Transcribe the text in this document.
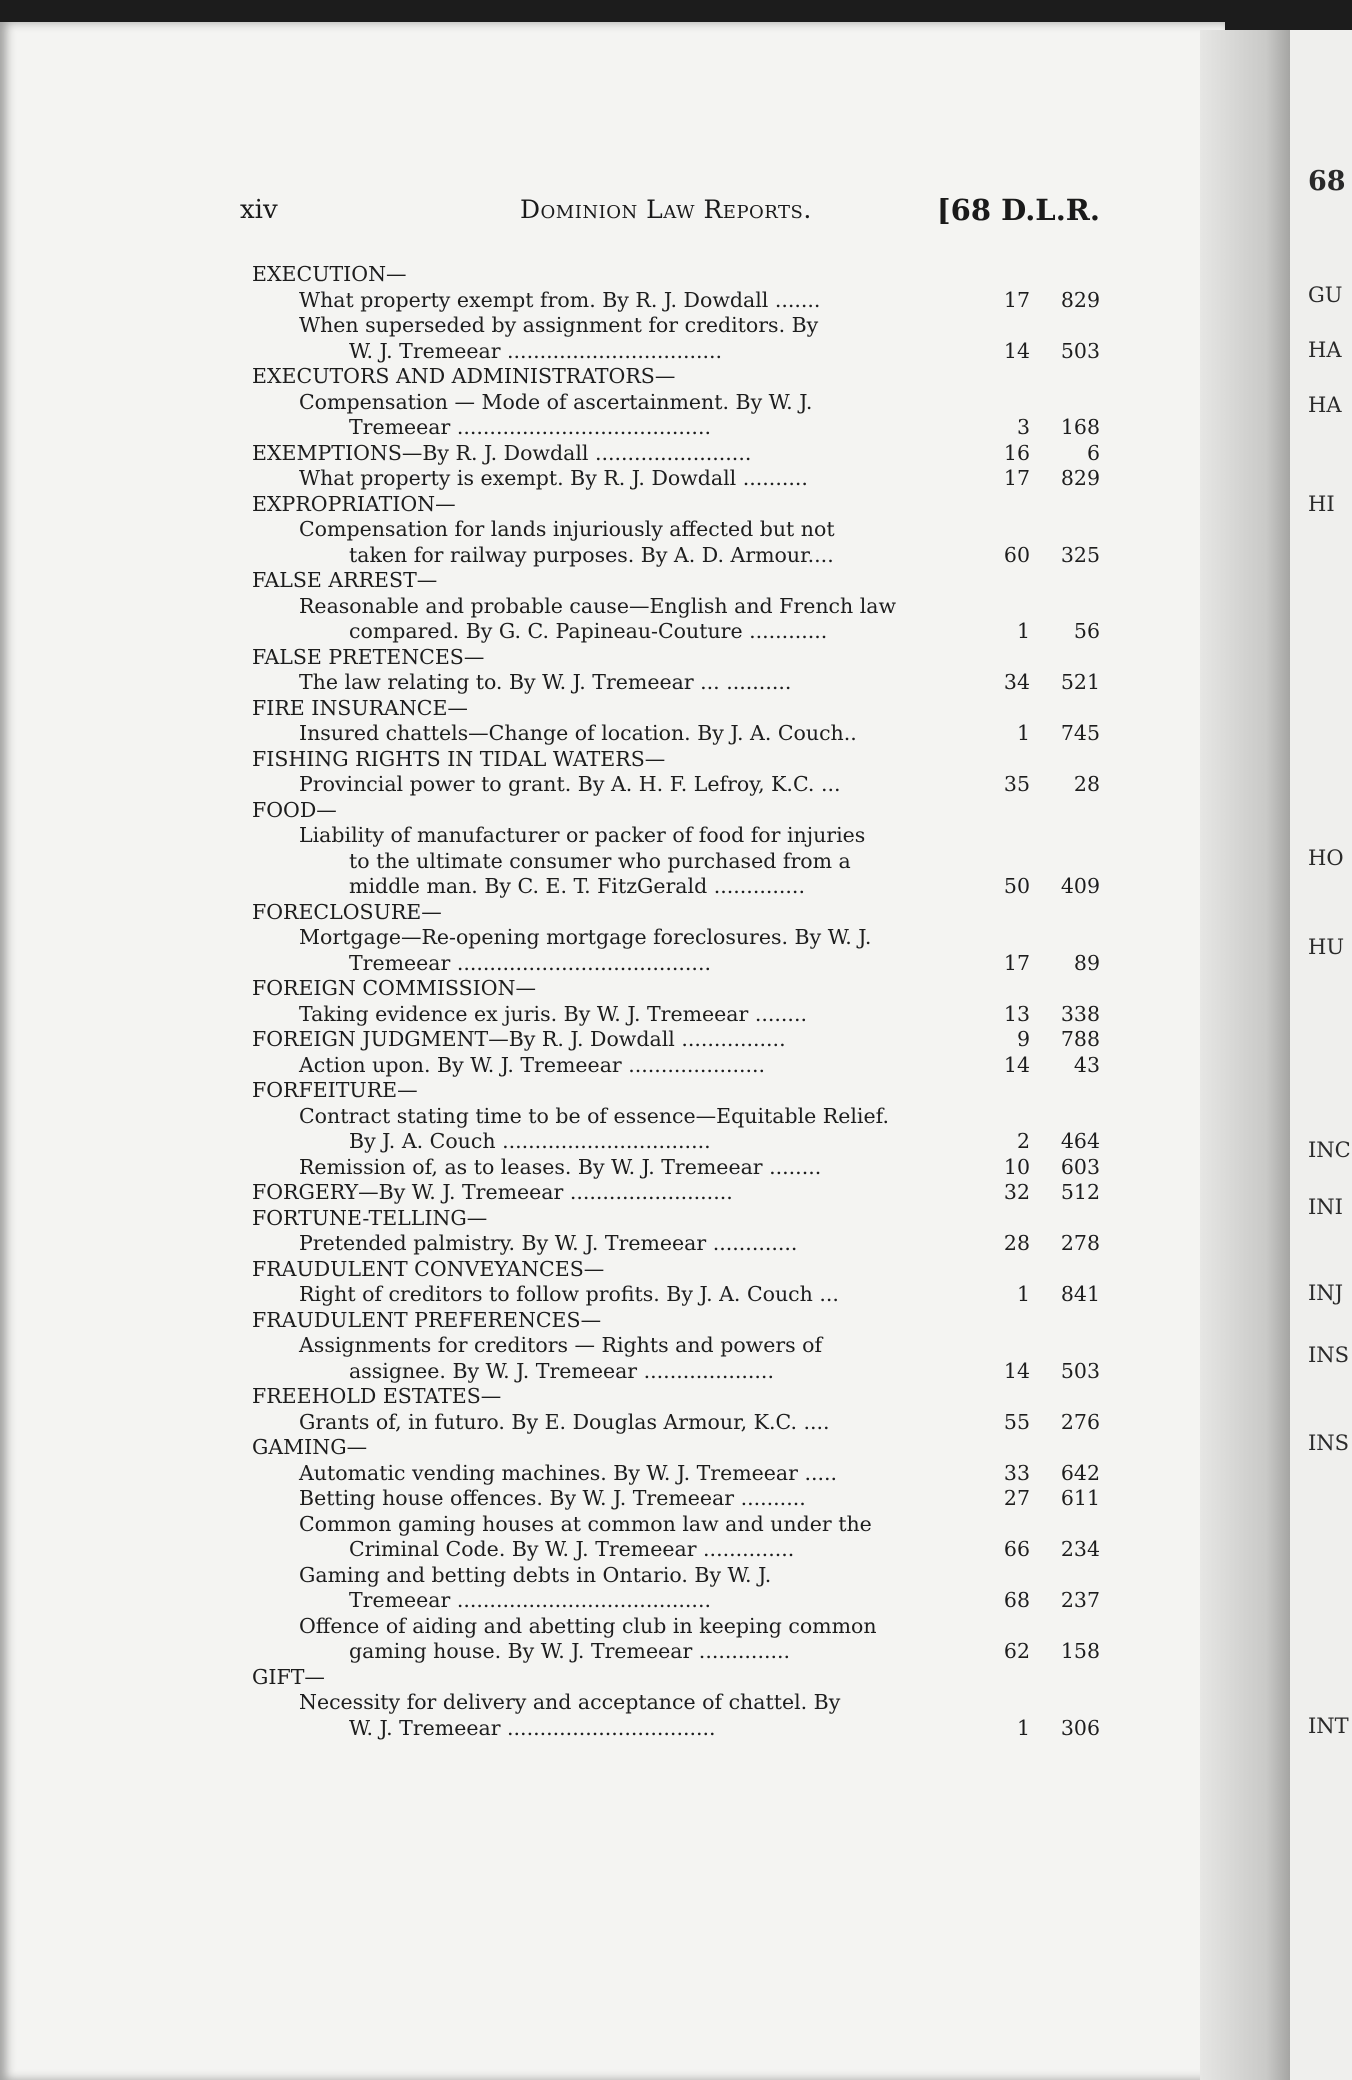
68
GU
HA
HA
HI
HO
HU
INC
INI
INJ
INS
INS
INT
xiv	Dominion Law Reports.	[68 D.L.R.
EXECUTION—
What property exempt from. By R. J. Dowdall .......	17 829
When superseded by assignment for creditors. By
W. J. Tremeear .................................	14 503
EXECUTORS AND ADMINISTRATORS—
Compensation — Mode of ascertainment. By W. J.
Tremeear .......................................	3 168
EXEMPTIONS—By R. J. Dowdall ........................	16	6
What property is exempt. By R. J. Dowdall ..........	17 829
EXPROPRIATION—
Compensation for lands injuriously affected but not
taken for railway purposes. By A. D. Armour....	60 325
FALSE ARREST—
Reasonable and probable cause—English and French law
compared. By G. C. Papineau-Couture ............	1 56
FALSE PRETENCES—
The law relating to. By W. J. Tremeear ... ..........	34 521
FIRE INSURANCE—
Insured chattels—Change of location. By J. A. Couch..	1 745
FISHING RIGHTS IN TIDAL WATERS—
Provincial power to grant. By A. H. F. Lefroy, K.C. ...	35 28
FOOD—
Liability of manufacturer or packer of food for injuries
to the ultimate consumer who purchased from a
middle man. By C. E. T. FitzGerald ..............	50 409
FORECLOSURE—
Mortgage—Re-opening mortgage foreclosures. By W. J.
Tremeear .......................................	17 89
FOREIGN COMMISSION—
Taking evidence ex juris. By W. J. Tremeear ........	13 338
FOREIGN JUDGMENT—By R. J. Dowdall ................	9 788
Action upon. By W. J. Tremeear .....................	14 43
FORFEITURE—
Contract stating time to be of essence—Equitable Relief.
By J. A. Couch ................................	2 464
Remission of, as to leases. By W. J. Tremeear ........	10 603
FORGERY—By W. J. Tremeear .........................	32 512
FORTUNE-TELLING—
Pretended palmistry. By W. J. Tremeear .............	28 278
FRAUDULENT CONVEYANCES—
Right of creditors to follow profits. By J. A. Couch ...	1 841
FRAUDULENT PREFERENCES—
Assignments for creditors — Rights and powers of
assignee. By W. J. Tremeear ....................	14 503
FREEHOLD ESTATES—
Grants of, in futuro. By E. Douglas Armour, K.C. ....	55 276
GAMING—
Automatic vending machines. By W. J. Tremeear .....	33 642
Betting house offences. By W. J. Tremeear ..........	27 611
Common gaming houses at common law and under the
Criminal Code. By W. J. Tremeear ..............	66 234
Gaming and betting debts in Ontario. By W. J.
Tremeear .......................................	68 237
Offence of aiding and abetting club in keeping common
gaming house. By W. J. Tremeear ..............	62 158
GIFT—
Necessity for delivery and acceptance of chattel. By
W. J. Tremeear ................................	1 306
